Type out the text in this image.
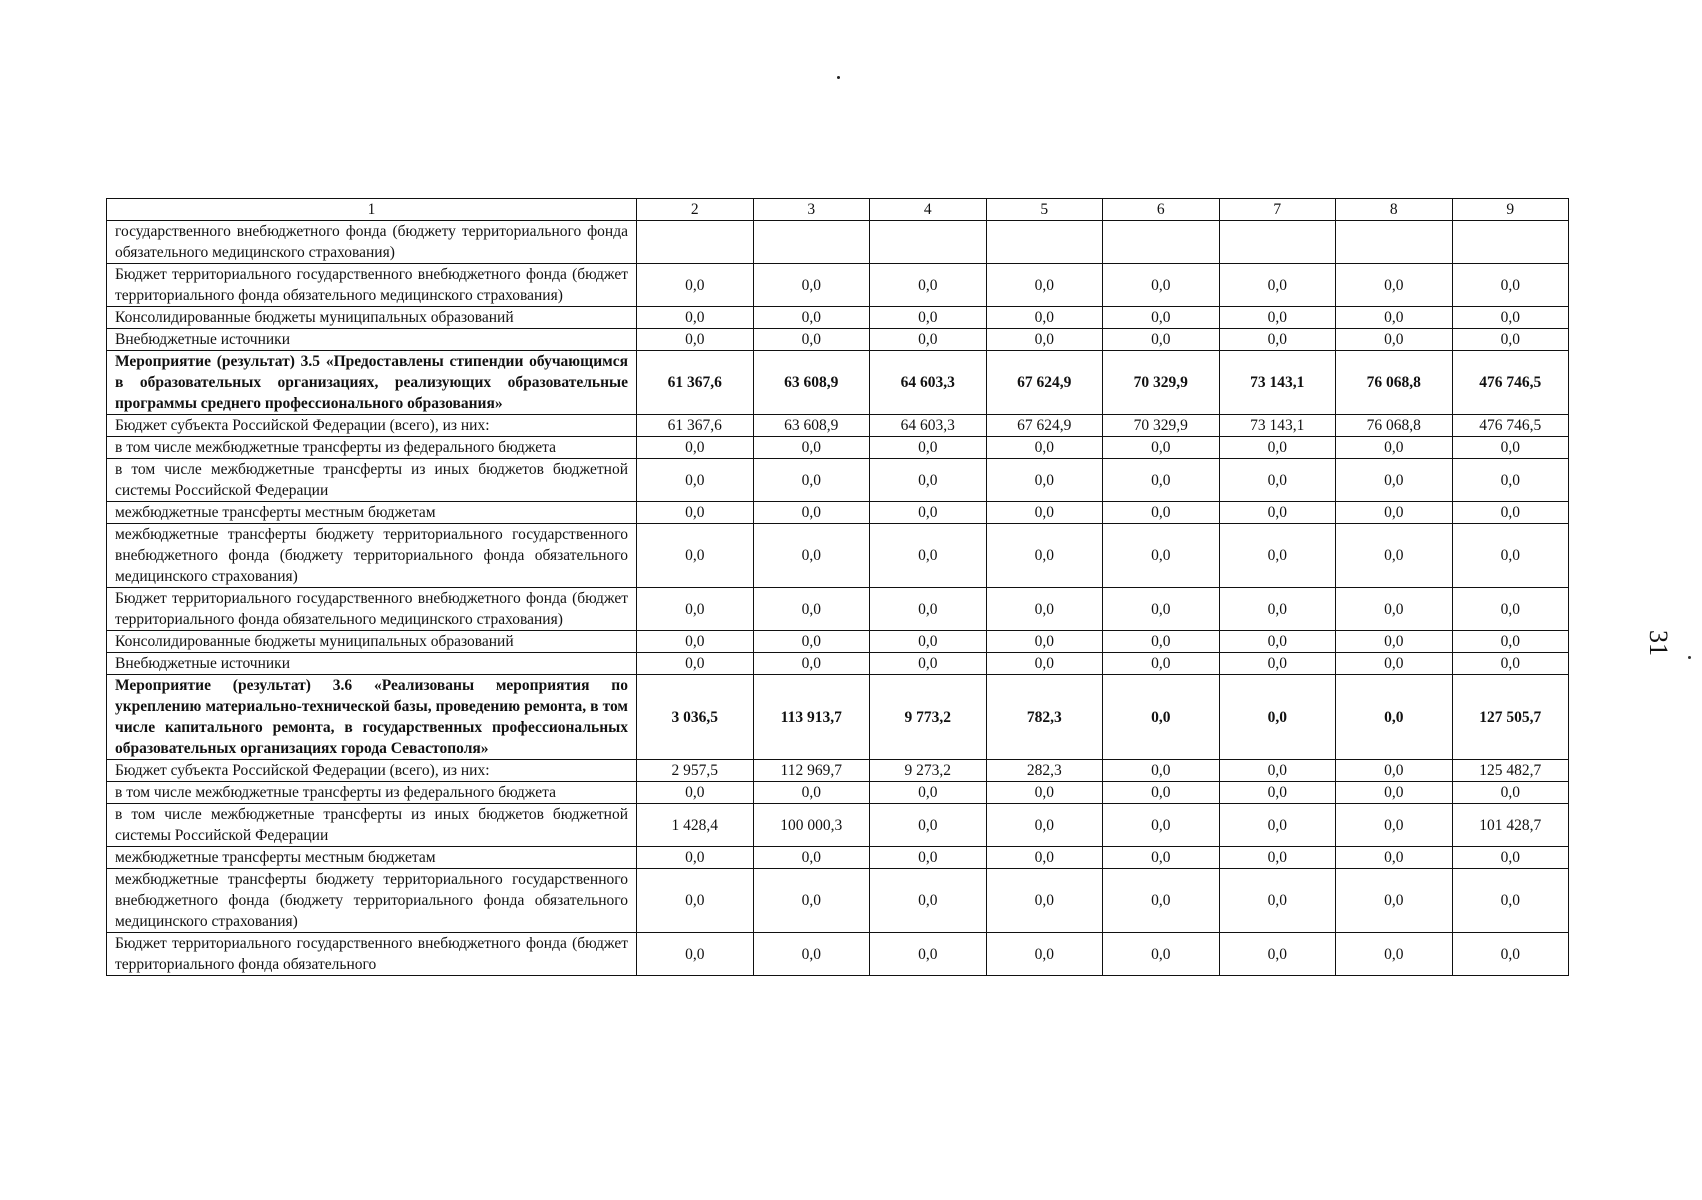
31
1	2	3	4	5	6	7	8	9
государственного внебюджетного фонда (бюджету территориального фонда обязательного медицинского страхования)								
Бюджет территориального государственного внебюджетного фонда (бюджет территориального фонда обязательного медицинского страхования)	0,0	0,0	0,0	0,0	0,0	0,0	0,0	0,0
Консолидированные бюджеты муниципальных образований	0,0	0,0	0,0	0,0	0,0	0,0	0,0	0,0
Внебюджетные источники	0,0	0,0	0,0	0,0	0,0	0,0	0,0	0,0
Мероприятие (результат) 3.5 «Предоставлены стипендии обучающимся в образовательных организациях, реализующих образовательные программы среднего профессионального образования»	61 367,6	63 608,9	64 603,3	67 624,9	70 329,9	73 143,1	76 068,8	476 746,5
Бюджет субъекта Российской Федерации (всего), из них:	61 367,6	63 608,9	64 603,3	67 624,9	70 329,9	73 143,1	76 068,8	476 746,5
в том числе межбюджетные трансферты из федерального бюджета	0,0	0,0	0,0	0,0	0,0	0,0	0,0	0,0
в том числе межбюджетные трансферты из иных бюджетов бюджетной системы Российской Федерации	0,0	0,0	0,0	0,0	0,0	0,0	0,0	0,0
межбюджетные трансферты местным бюджетам	0,0	0,0	0,0	0,0	0,0	0,0	0,0	0,0
межбюджетные трансферты бюджету территориального государственного внебюджетного фонда (бюджету территориального фонда обязательного медицинского страхования)	0,0	0,0	0,0	0,0	0,0	0,0	0,0	0,0
Бюджет территориального государственного внебюджетного фонда (бюджет территориального фонда обязательного медицинского страхования)	0,0	0,0	0,0	0,0	0,0	0,0	0,0	0,0
Консолидированные бюджеты муниципальных образований	0,0	0,0	0,0	0,0	0,0	0,0	0,0	0,0
Внебюджетные источники	0,0	0,0	0,0	0,0	0,0	0,0	0,0	0,0
Мероприятие (результат) 3.6 «Реализованы мероприятия по укреплению материально-технической базы, проведению ремонта, в том числе капитального ремонта, в государственных профессиональных образовательных организациях города Севастополя»	3 036,5	113 913,7	9 773,2	782,3	0,0	0,0	0,0	127 505,7
Бюджет субъекта Российской Федерации (всего), из них:	2 957,5	112 969,7	9 273,2	282,3	0,0	0,0	0,0	125 482,7
в том числе межбюджетные трансферты из федерального бюджета	0,0	0,0	0,0	0,0	0,0	0,0	0,0	0,0
в том числе межбюджетные трансферты из иных бюджетов бюджетной системы Российской Федерации	1 428,4	100 000,3	0,0	0,0	0,0	0,0	0,0	101 428,7
межбюджетные трансферты местным бюджетам	0,0	0,0	0,0	0,0	0,0	0,0	0,0	0,0
межбюджетные трансферты бюджету территориального государственного внебюджетного фонда (бюджету территориального фонда обязательного медицинского страхования)	0,0	0,0	0,0	0,0	0,0	0,0	0,0	0,0
Бюджет территориального государственного внебюджетного фонда (бюджет территориального фонда обязательного	0,0	0,0	0,0	0,0	0,0	0,0	0,0	0,0
